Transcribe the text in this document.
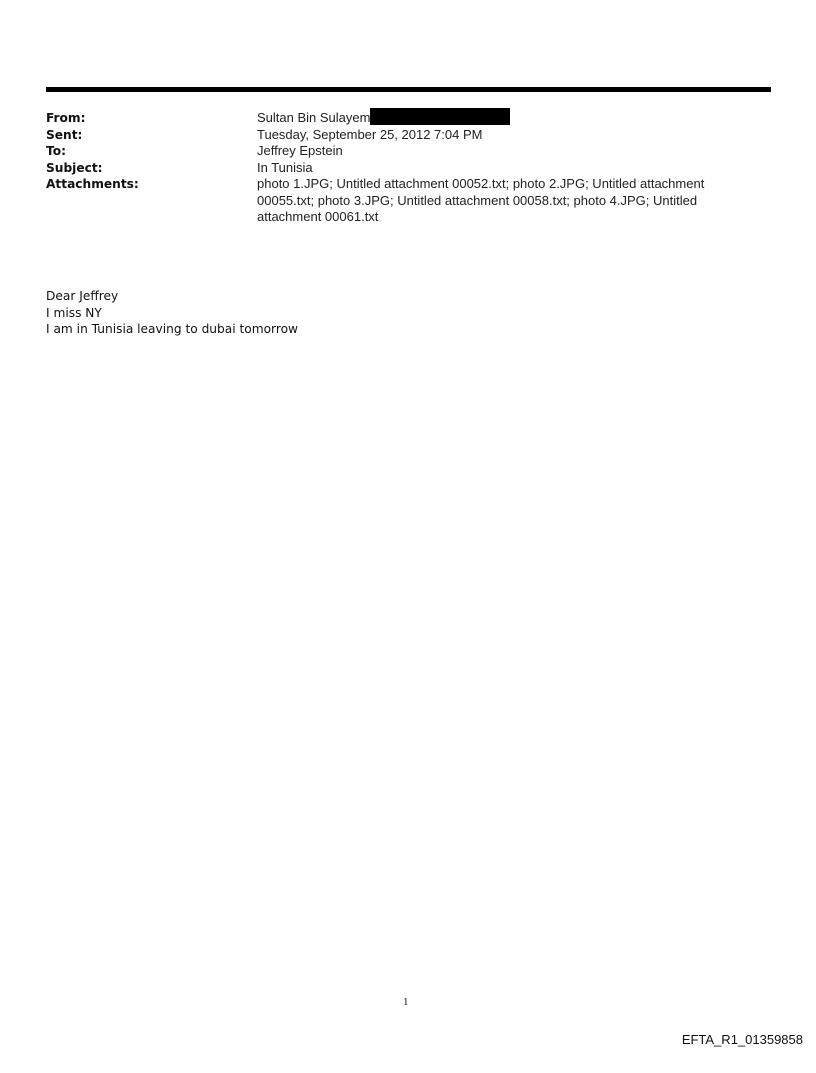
From:	Sultan Bin Sulayem
Sent:	Tuesday, September 25, 2012 7:04 PM
To:	Jeffrey Epstein
Subject:	In Tunisia
Attachments:	photo 1.JPG; Untitled attachment 00052.txt; photo 2.JPG; Untitled attachment 00055.txt; photo 3.JPG; Untitled attachment 00058.txt; photo 4.JPG; Untitled attachment 00061.txt
Dear Jeffrey
I miss NY
I am in Tunisia leaving to dubai tomorrow
1
EFTA_R1_01359858
